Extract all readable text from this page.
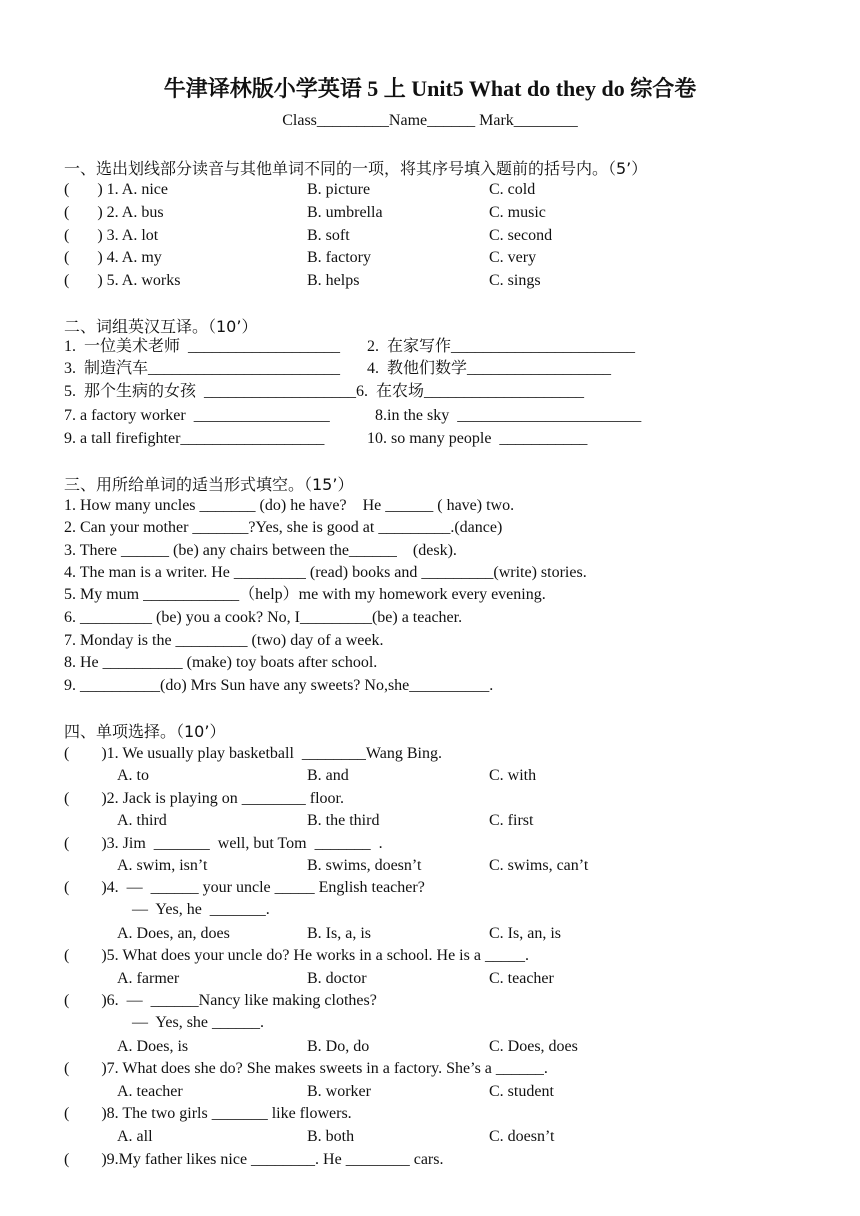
牛津译林版小学英语 5 上 Unit5 What do they do 综合卷
Class_________Name______ Mark________
一、选出划线部分读音与其他单词不同的一项，将其序号填入题前的括号内。（5’）
(       ) 1. A. nice	B. picture	C. cold
(       ) 2. A. bus	B. umbrella	C. music
(       ) 3. A. lot	B. soft	C. second
(       ) 4. A. my	B. factory	C. very
(       ) 5. A. works	B. helps	C. sings
二、词组英汉互译。（10’）
1.  一位美术老师  ___________________ 2.  在家写作_______________________
3.  制造汽车________________________ 4.  教他们数学__________________
5.  那个生病的女孩  ___________________6.  在农场____________________
7. a factory worker  _________________	8.in the sky  _______________________
9. a tall firefighter__________________	10. so many people  ___________
三、用所给单词的适当形式填空。（15’）
1. How many uncles _______ (do) he have?    He ______ ( have) two.
2. Can your mother _______?Yes, she is good at _________.(dance)
3. There ______ (be) any chairs between the______    (desk).
4. The man is a writer. He _________ (read) books and _________(write) stories.
5. My mum ____________（help）me with my homework every evening.
6. _________ (be) you a cook? No, I_________(be) a teacher.
7. Monday is the _________ (two) day of a week.
8. He __________ (make) toy boats after school.
9. __________(do) Mrs Sun have any sweets? No,she__________.
四、单项选择。（10’）
(        )1. We usually play basketball  ________Wang Bing.
A. to	B. and	C. with
(        )2. Jack is playing on ________ floor.
A. third	B. the third	C. first
(        )3. Jim  _______  well, but Tom  _______  .
A. swim, isn’t	B. swims, doesn’t	C. swims, can’t
(        )4.  —  ______ your uncle _____ English teacher?
—  Yes, he  _______.
A. Does, an, does	B. Is, a, is	C. Is, an, is
(        )5. What does your uncle do? He works in a school. He is a _____.
A. farmer	B. doctor	C. teacher
(        )6.  —  ______Nancy like making clothes?
—  Yes, she ______.
A. Does, is	B. Do, do	C. Does, does
(        )7. What does she do? She makes sweets in a factory. She’s a ______.
A. teacher	B. worker	C. student
(        )8. The two girls _______ like flowers.
A. all	B. both	C. doesn’t
(        )9.My father likes nice ________. He ________ cars.
